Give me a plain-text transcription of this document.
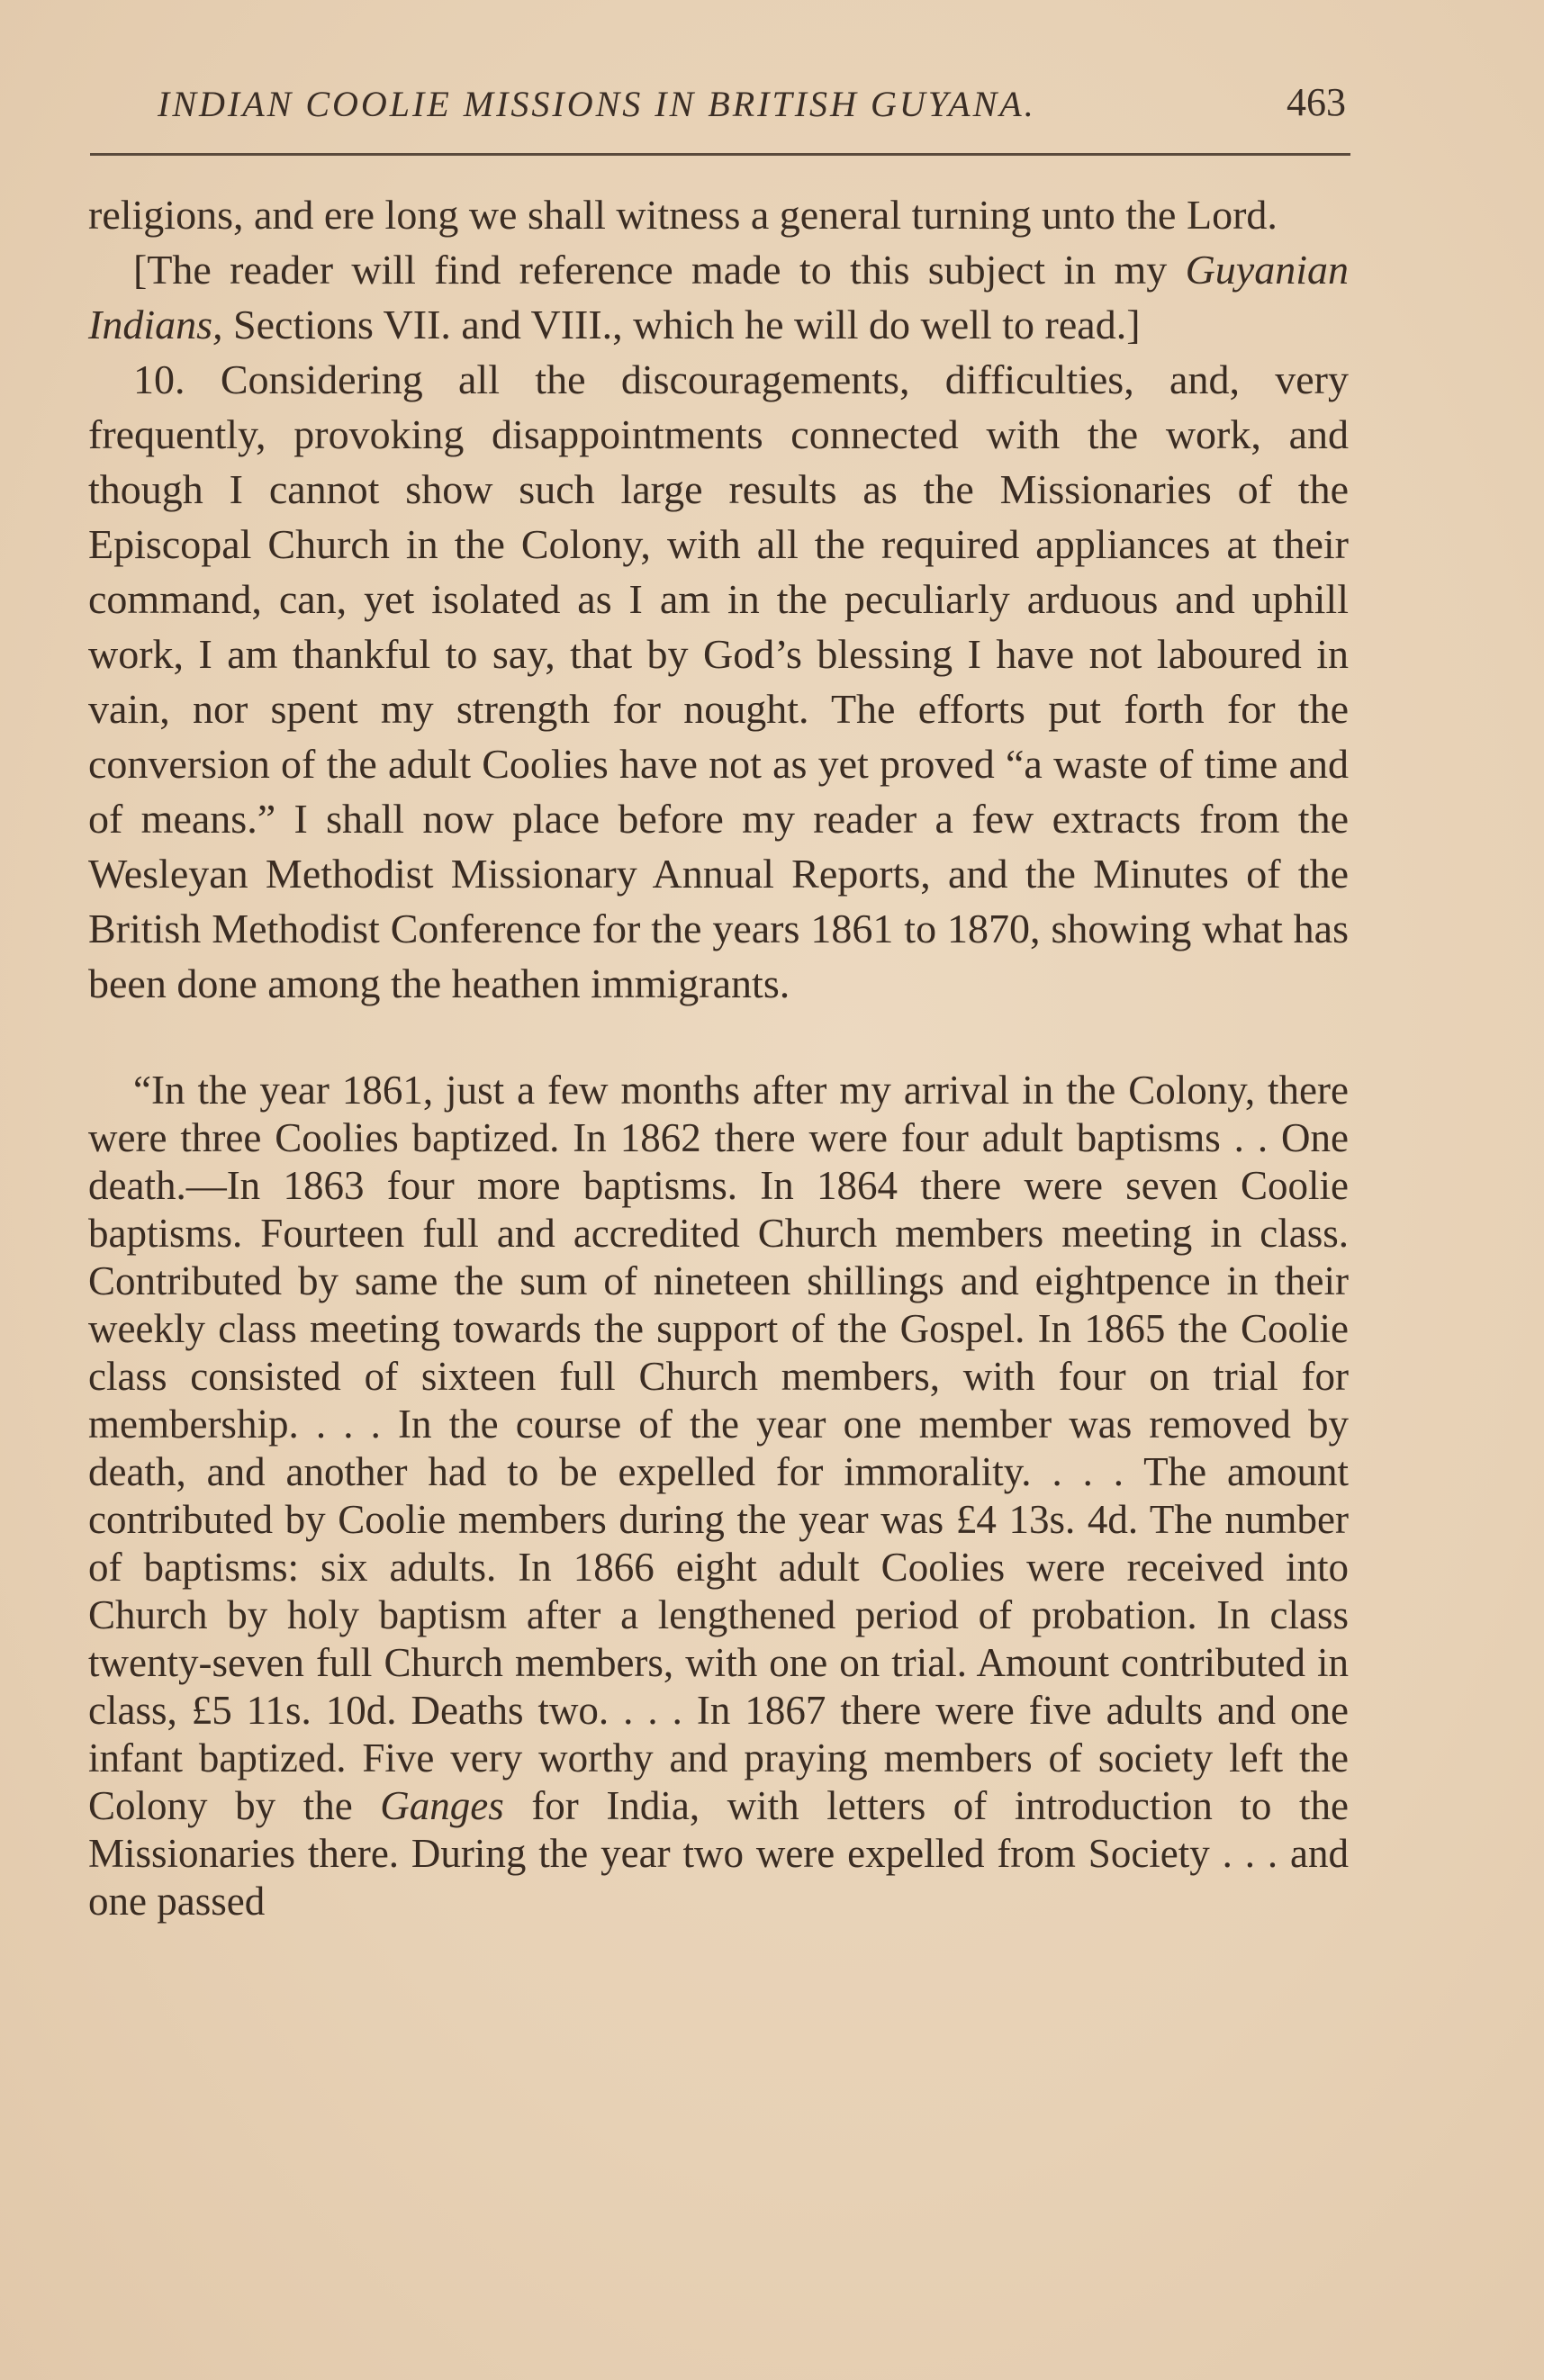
INDIAN COOLIE MISSIONS IN BRITISH GUYANA.	463

religions, and ere long we shall witness a general turning unto the Lord.

[The reader will find reference made to this subject in my Guyanian Indians, Sections VII. and VIII., which he will do well to read.]

10. Considering all the discouragements, difficulties, and, very frequently, provoking disappointments connected with the work, and though I cannot show such large results as the Missionaries of the Episcopal Church in the Colony, with all the required appliances at their command, can, yet isolated as I am in the peculiarly arduous and uphill work, I am thankful to say, that by God’s blessing I have not laboured in vain, nor spent my strength for nought. The efforts put forth for the conversion of the adult Coolies have not as yet proved “a waste of time and of means.” I shall now place before my reader a few extracts from the Wesleyan Methodist Missionary Annual Reports, and the Minutes of the British Methodist Conference for the years 1861 to 1870, showing what has been done among the heathen immigrants.

“In the year 1861, just a few months after my arrival in the Colony, there were three Coolies baptized. In 1862 there were four adult baptisms . . One death.—In 1863 four more baptisms. In 1864 there were seven Coolie baptisms. Fourteen full and accredited Church members meeting in class. Contributed by same the sum of nineteen shillings and eightpence in their weekly class meeting towards the support of the Gospel. In 1865 the Coolie class consisted of sixteen full Church members, with four on trial for membership. . . . In the course of the year one member was removed by death, and another had to be expelled for immorality. . . . The amount contributed by Coolie members during the year was £4 13s. 4d. The number of baptisms: six adults. In 1866 eight adult Coolies were received into Church by holy baptism after a lengthened period of probation. In class twenty-seven full Church members, with one on trial. Amount contributed in class, £5 11s. 10d. Deaths two. . . . In 1867 there were five adults and one infant baptized. Five very worthy and praying members of society left the Colony by the Ganges for India, with letters of introduction to the Missionaries there. During the year two were expelled from Society . . . and one passed
